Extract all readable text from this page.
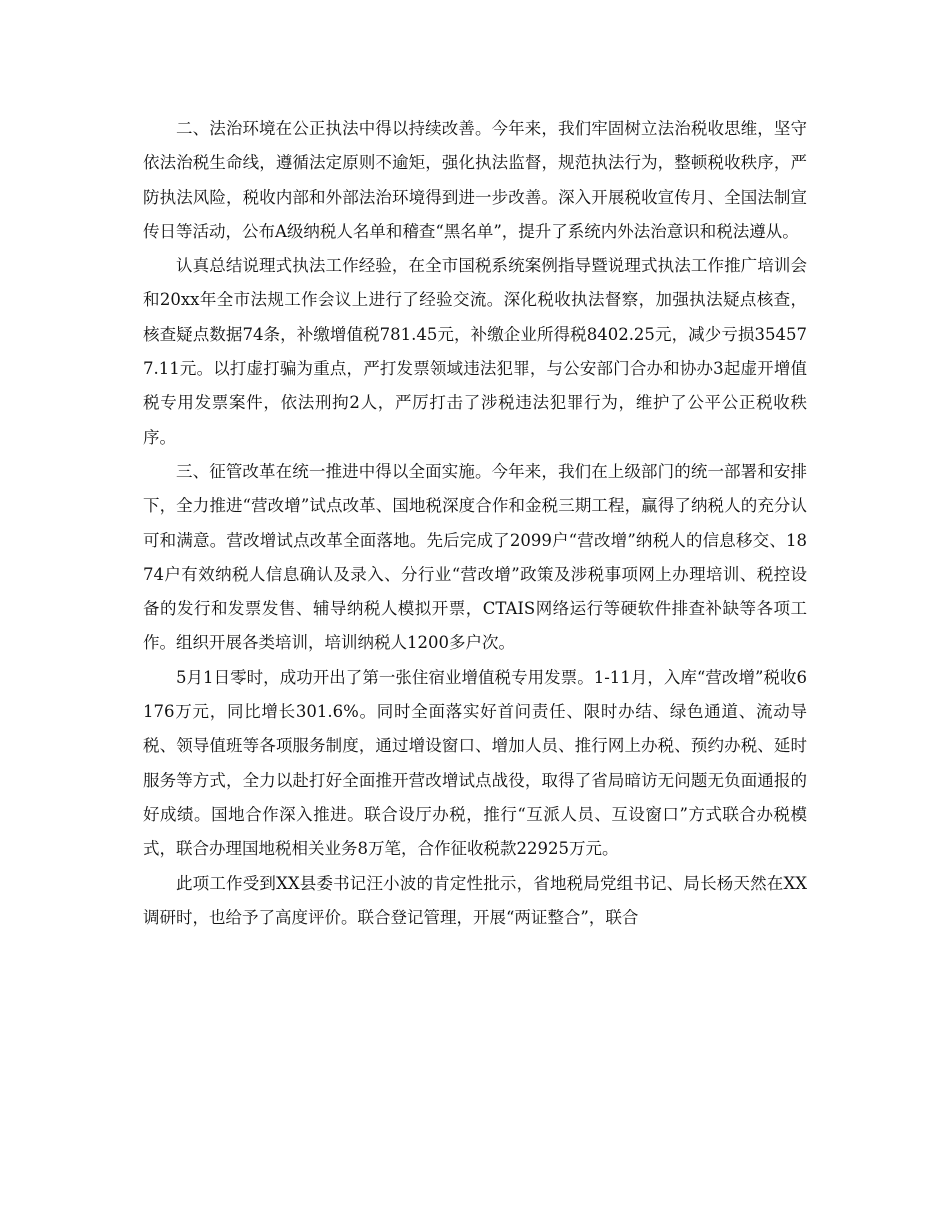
二、法治环境在公正执法中得以持续改善。今年来，我们牢固树立法治税收思维，坚守依法治税生命线，遵循法定原则不逾矩，强化执法监督，规范执法行为，整顿税收秩序，严防执法风险，税收内部和外部法治环境得到进一步改善。深入开展税收宣传月、全国法制宣传日等活动，公布A级纳税人名单和稽查“黑名单”，提升了系统内外法治意识和税法遵从。

认真总结说理式执法工作经验，在全市国税系统案例指导暨说理式执法工作推广培训会和20xx年全市法规工作会议上进行了经验交流。深化税收执法督察，加强执法疑点核查，核查疑点数据74条，补缴增值税781.45元，补缴企业所得税8402.25元，减少亏损354577.11元。以打虚打骗为重点，严打发票领域违法犯罪，与公安部门合办和协办3起虚开增值税专用发票案件，依法刑拘2人，严厉打击了涉税违法犯罪行为，维护了公平公正税收秩序。

三、征管改革在统一推进中得以全面实施。今年来，我们在上级部门的统一部署和安排下，全力推进“营改增”试点改革、国地税深度合作和金税三期工程，赢得了纳税人的充分认可和满意。营改增试点改革全面落地。先后完成了2099户“营改增”纳税人的信息移交、1874户有效纳税人信息确认及录入、分行业“营改增”政策及涉税事项网上办理培训、税控设备的发行和发票发售、辅导纳税人模拟开票，CTAIS网络运行等硬软件排查补缺等各项工作。组织开展各类培训，培训纳税人1200多户次。

5月1日零时，成功开出了第一张住宿业增值税专用发票。1-11月，入库“营改增”税收6176万元，同比增长301.6%。同时全面落实好首问责任、限时办结、绿色通道、流动导税、领导值班等各项服务制度，通过增设窗口、增加人员、推行网上办税、预约办税、延时服务等方式，全力以赴打好全面推开营改增试点战役，取得了省局暗访无问题无负面通报的好成绩。国地合作深入推进。联合设厅办税，推行“互派人员、互设窗口”方式联合办税模式，联合办理国地税相关业务8万笔，合作征收税款22925万元。

此项工作受到XX县委书记汪小波的肯定性批示，省地税局党组书记、局长杨天然在XX调研时，也给予了高度评价。联合登记管理，开展“两证整合”，联合
